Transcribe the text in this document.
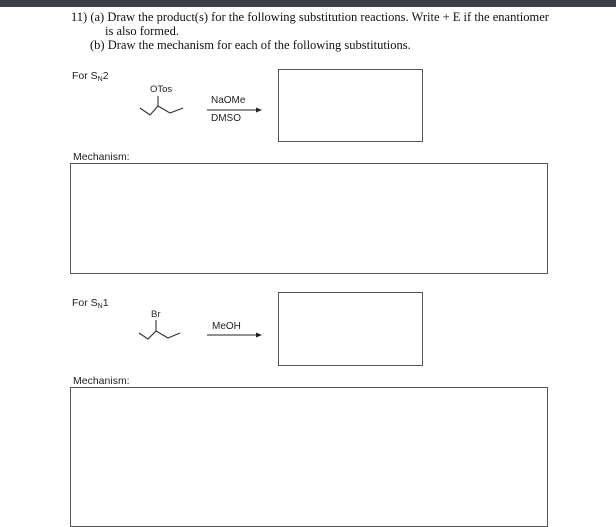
11) (a) Draw the product(s) for the following substitution reactions. Write + E if the enantiomer
is also formed.
(b) Draw the mechanism for each of the following substitutions.
For $S_N2$
OTos
NaOMe
DMSO
Mechanism:
For $S_N1$
Br
MeOH
Mechanism:
